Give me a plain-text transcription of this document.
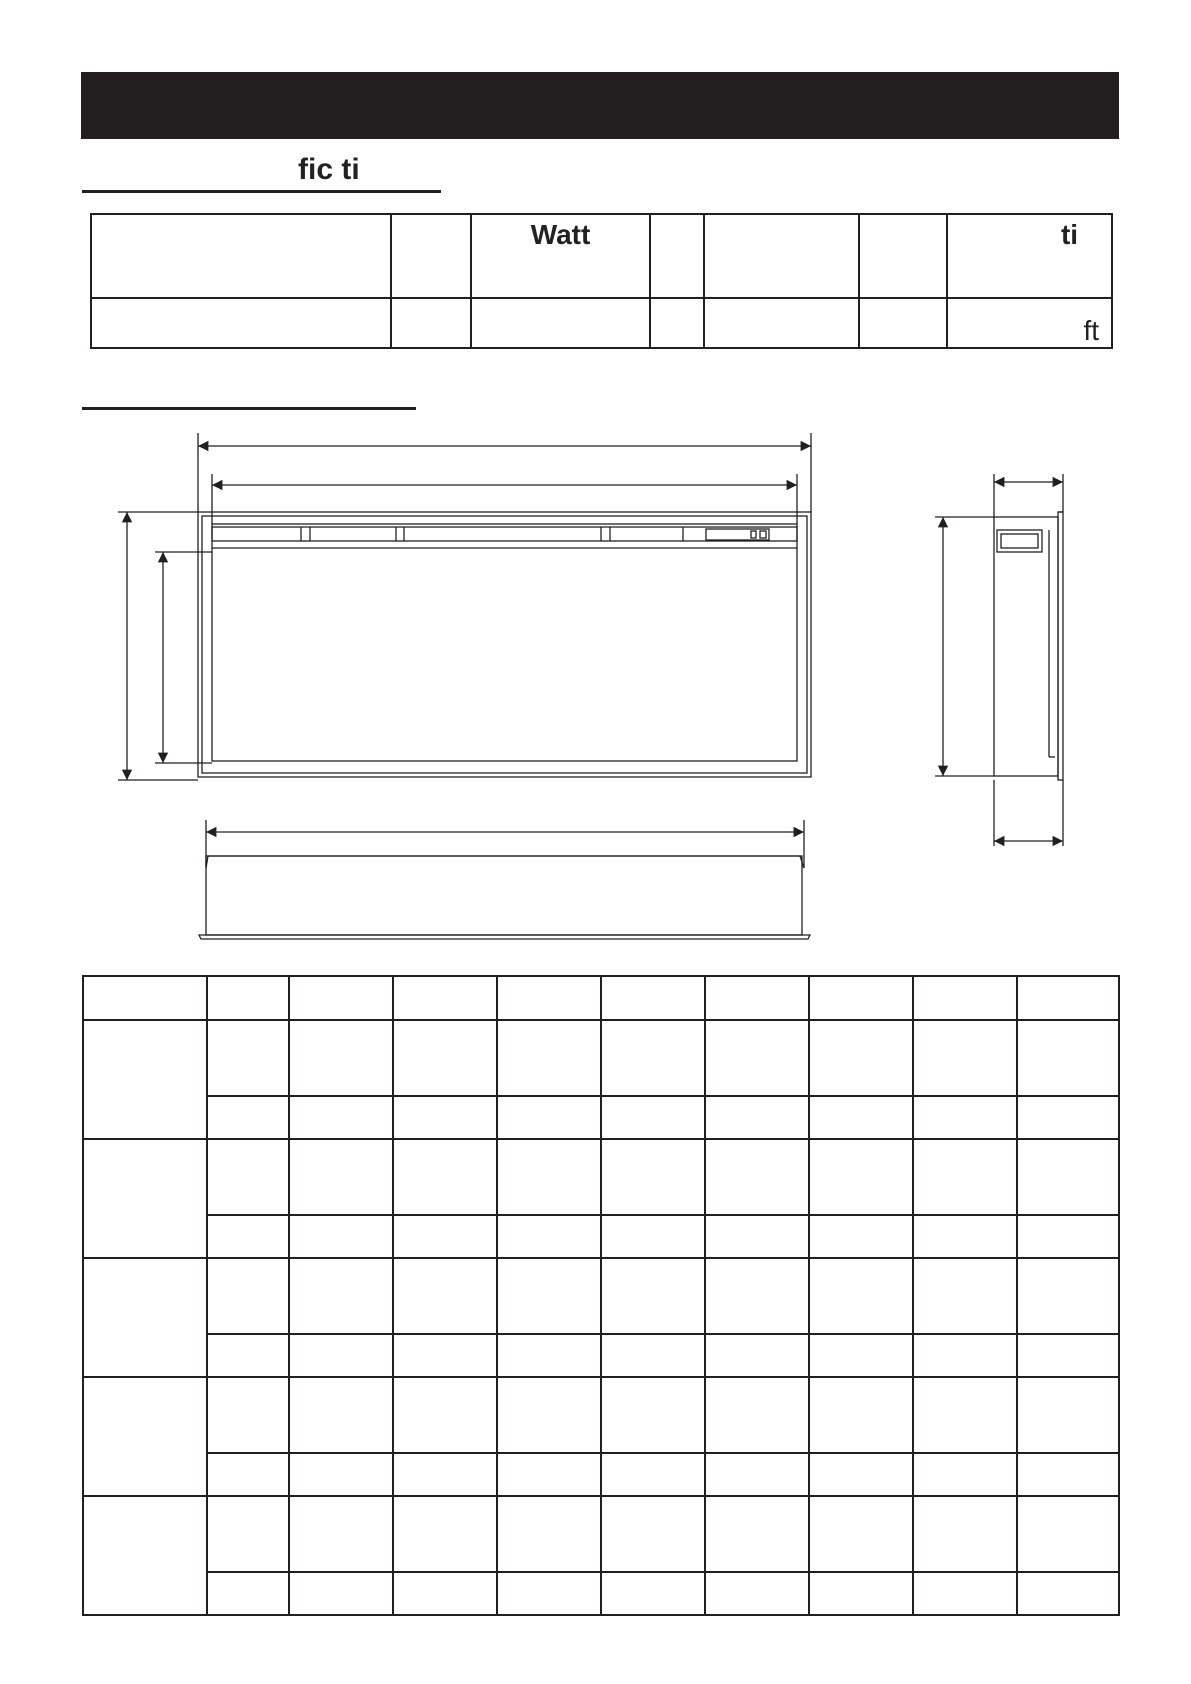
fic ti
		Watt				ti
						ft
